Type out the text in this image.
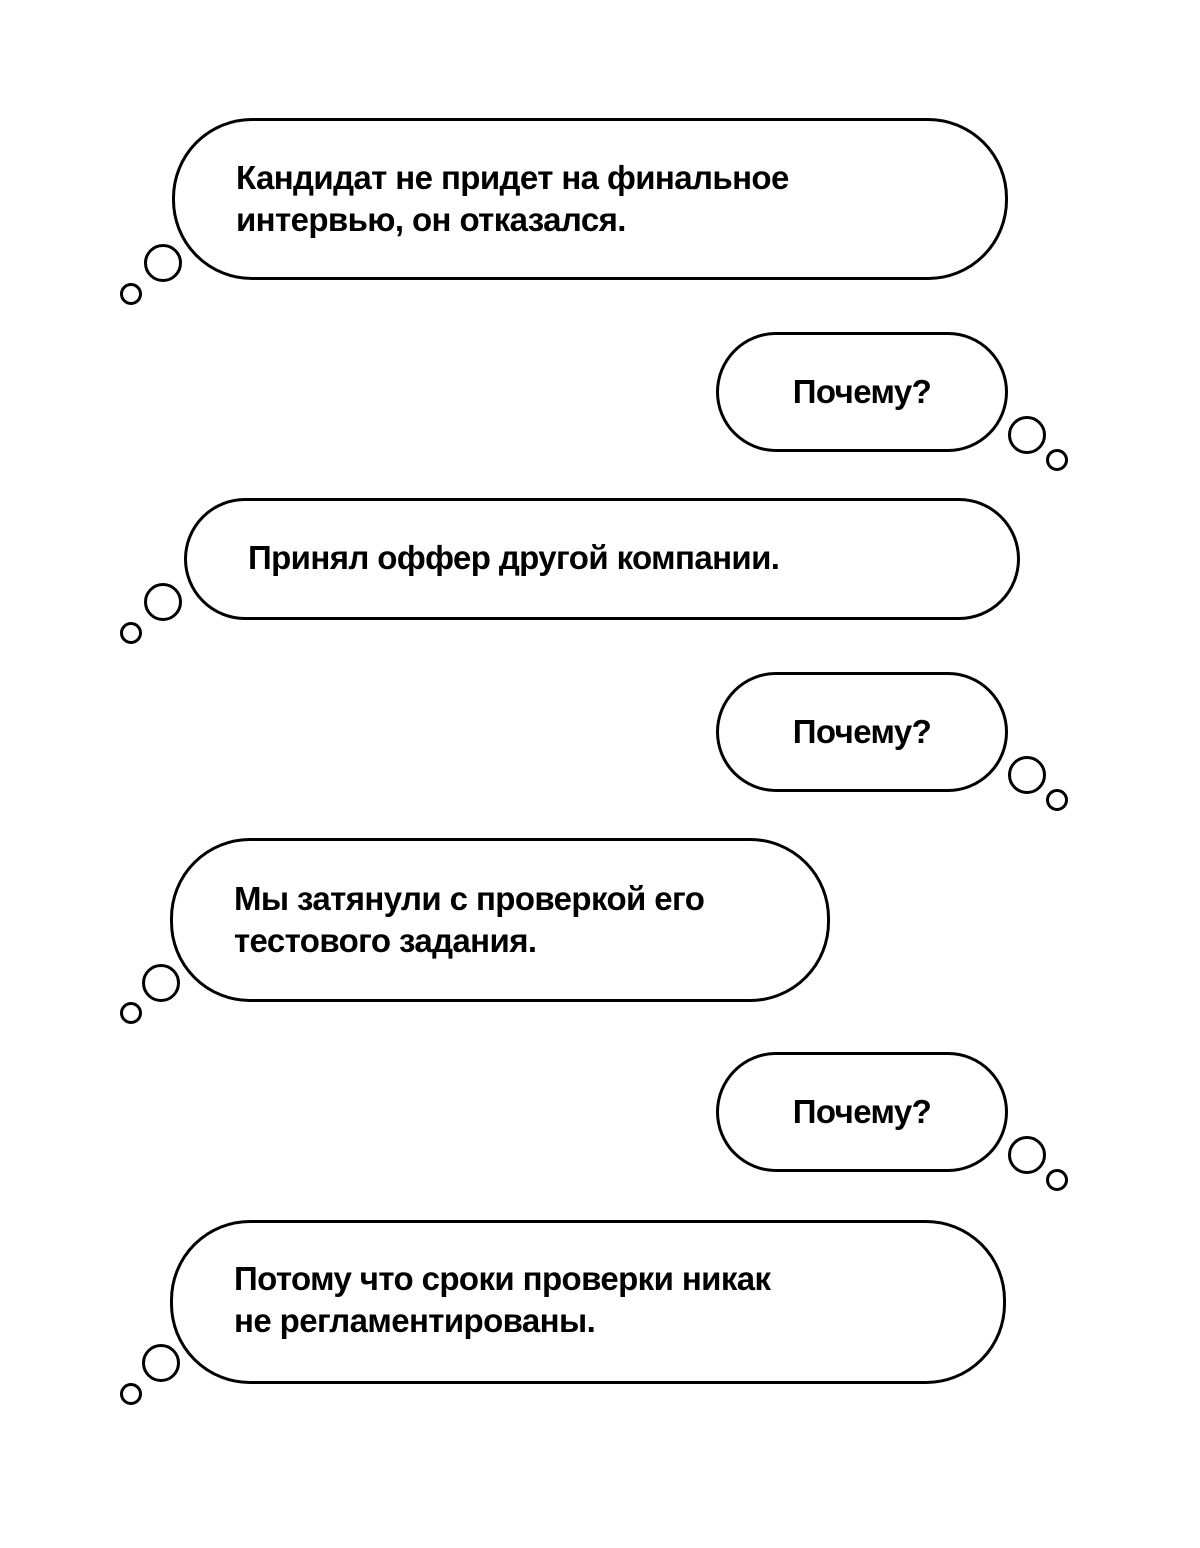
Кандидат не придет на финальное
интервью, он отказался.

Почему?

Принял оффер другой компании.

Почему?

Мы затянули с проверкой его
тестового задания.

Почему?

Потому что сроки проверки никак
не регламентированы.
